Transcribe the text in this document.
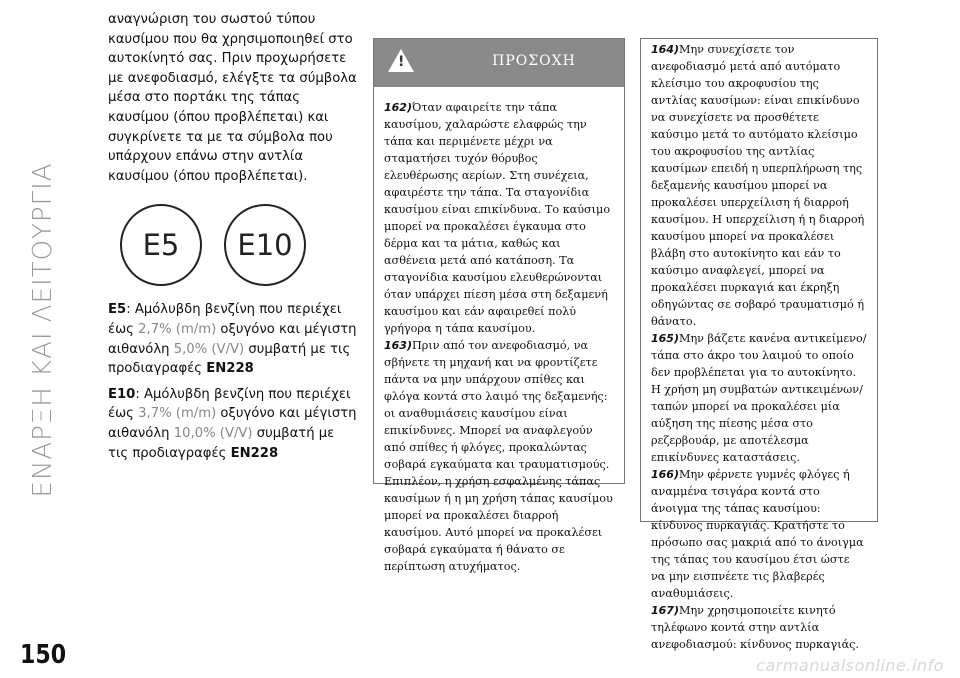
ΕΝΑΡΞΗ ΚΑΙ ΛΕΙΤΟΥΡΓΙΑ

αναγνώριση του σωστού τύπου καυσίμου που θα χρησιμοποιηθεί στο αυτοκίνητό σας. Πριν προχωρήσετε με ανεφοδιασμό, ελέγξτε τα σύμβολα μέσα στο πορτάκι της τάπας καυσίμου (όπου προβλέπεται) και συγκρίνετε τα με τα σύμβολα που υπάρχουν επάνω στην αντλία καυσίμου (όπου προβλέπεται).

E5	E10

E5: Αμόλυβδη βενζίνη που περιέχει έως 2,7% (m/m) οξυγόνο και μέγιστη αιθανόλη 5,0% (V/V) συμβατή με τις προδιαγραφές EN228

E10: Αμόλυβδη βενζίνη που περιέχει έως 3,7% (m/m) οξυγόνο και μέγιστη αιθανόλη 10,0% (V/V) συμβατή με τις προδιαγραφές EN228

!
ΠΡΟΣΟΧΗ

162)Όταν αφαιρείτε την τάπα καυσίμου, χαλαρώστε ελαφρώς την τάπα και περιμένετε μέχρι να σταματήσει τυχόν θόρυβος ελευθέρωσης αερίων. Στη συνέχεια, αφαιρέστε την τάπα. Τα σταγονίδια καυσίμου είναι επικίνδυνα. Το καύσιμο μπορεί να προκαλέσει έγκαυμα στο δέρμα και τα μάτια, καθώς και ασθένεια μετά από κατάποση. Τα σταγονίδια καυσίμου ελευθερώνονται όταν υπάρχει πίεση μέσα στη δεξαμενή καυσίμου και εάν αφαιρεθεί πολύ γρήγορα η τάπα καυσίμου.

163)Πριν από τον ανεφοδιασμό, να σβήνετε τη μηχανή και να φροντίζετε πάντα να μην υπάρχουν σπίθες και φλόγα κοντά στο λαιμό της δεξαμενής: οι αναθυμιάσεις καυσίμου είναι επικίνδυνες. Μπορεί να αναφλεγούν από σπίθες ή φλόγες, προκαλώντας σοβαρά εγκαύματα και τραυματισμούς. Επιπλέον, η χρήση εσφαλμένης τάπας καυσίμων ή η μη χρήση τάπας καυσίμου μπορεί να προκαλέσει διαρροή καυσίμου. Αυτό μπορεί να προκαλέσει σοβαρά εγκαύματα ή θάνατο σε περίπτωση ατυχήματος.

164)Μην συνεχίσετε τον ανεφοδιασμό μετά από αυτόματο κλείσιμο του ακροφυσίου της αντλίας καυσίμων: είναι επικίνδυνο να συνεχίσετε να προσθέτετε καύσιμο μετά το αυτόματο κλείσιμο του ακροφυσίου της αντλίας καυσίμων επειδή η υπερπλήρωση της δεξαμενής καυσίμου μπορεί να προκαλέσει υπερχείλιση ή διαρροή καυσίμου. Η υπερχείλιση ή η διαρροή καυσίμου μπορεί να προκαλέσει βλάβη στο αυτοκίνητο και εάν το καύσιμο αναφλεγεί, μπορεί να προκαλέσει πυρκαγιά και έκρηξη οδηγώντας σε σοβαρό τραυματισμό ή θάνατο.

165)Μην βάζετε κανένα αντικείμενο/τάπα στο άκρο του λαιμού το οποίο δεν προβλέπεται για το αυτοκίνητο. Η χρήση μη συμβατών αντικειμένων/ταπών μπορεί να προκαλέσει μία αύξηση της πίεσης μέσα στο ρεζερβουάρ, με αποτέλεσμα επικίνδυνες καταστάσεις.

166)Μην φέρνετε γυμνές φλόγες ή αναμμένα τσιγάρα κοντά στο άνοιγμα της τάπας καυσίμου: κίνδυνος πυρκαγιάς. Κρατήστε το πρόσωπο σας μακριά από το άνοιγμα της τάπας του καυσίμου έτσι ώστε να μην εισπνέετε τις βλαβερές αναθυμιάσεις.

167)Μην χρησιμοποιείτε κινητό τηλέφωνο κοντά στην αντλία ανεφοδιασμού: κίνδυνος πυρκαγιάς.

150	carmanualsonline.info
